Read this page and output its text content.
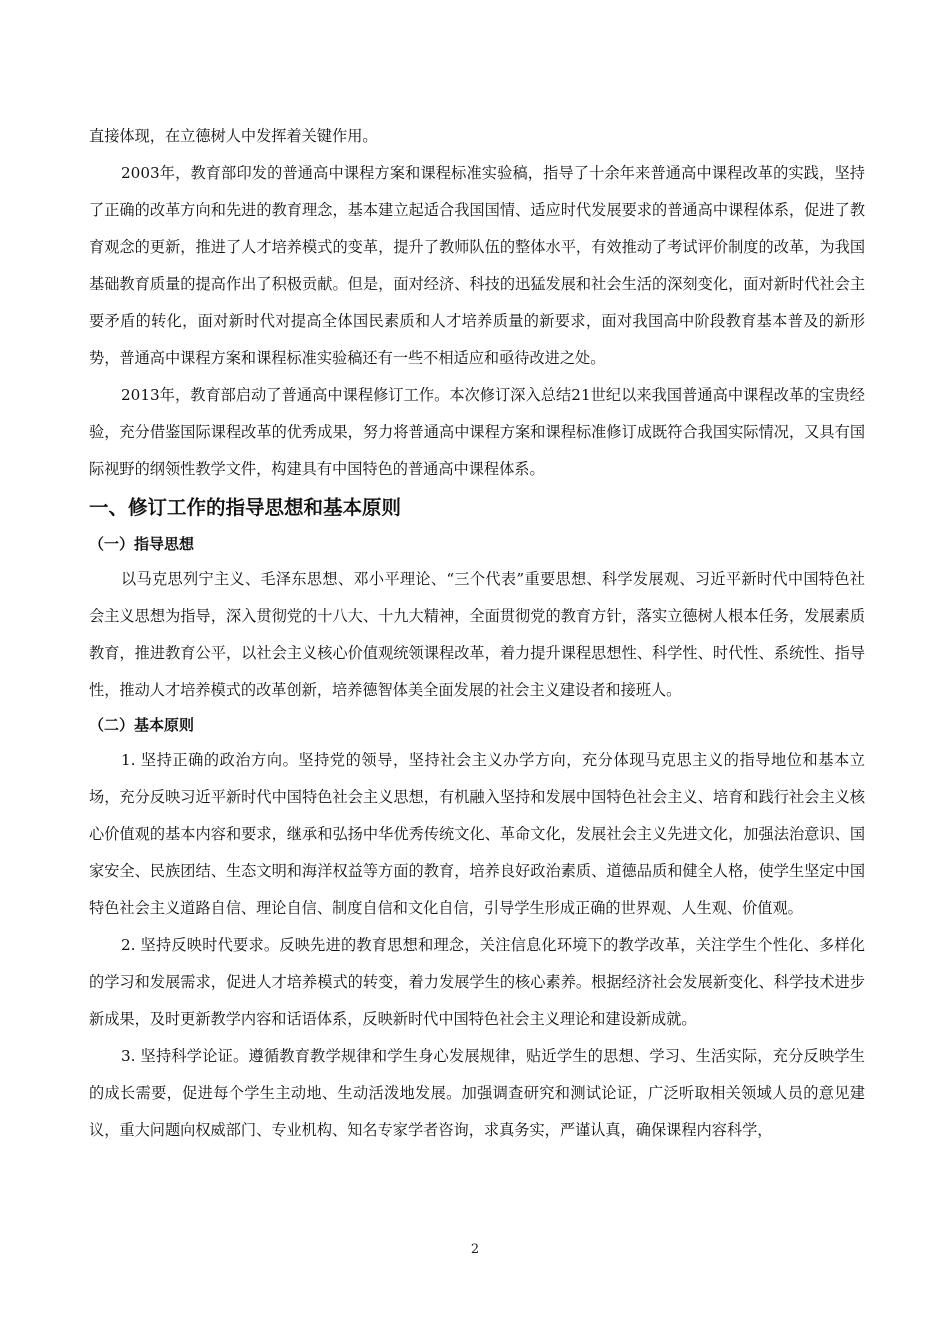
直接体现，在立德树人中发挥着关键作用。

2003年，教育部印发的普通高中课程方案和课程标准实验稿，指导了十余年来普通高中课程改革的实践，坚持了正确的改革方向和先进的教育理念，基本建立起适合我国国情、适应时代发展要求的普通高中课程体系，促进了教育观念的更新，推进了人才培养模式的变革，提升了教师队伍的整体水平，有效推动了考试评价制度的改革，为我国基础教育质量的提高作出了积极贡献。但是，面对经济、科技的迅猛发展和社会生活的深刻变化，面对新时代社会主要矛盾的转化，面对新时代对提高全体国民素质和人才培养质量的新要求，面对我国高中阶段教育基本普及的新形势，普通高中课程方案和课程标准实验稿还有一些不相适应和亟待改进之处。

2013年，教育部启动了普通高中课程修订工作。本次修订深入总结21世纪以来我国普通高中课程改革的宝贵经验，充分借鉴国际课程改革的优秀成果，努力将普通高中课程方案和课程标准修订成既符合我国实际情况，又具有国际视野的纲领性教学文件，构建具有中国特色的普通高中课程体系。

一、修订工作的指导思想和基本原则

（一）指导思想

以马克思列宁主义、毛泽东思想、邓小平理论、“三个代表”重要思想、科学发展观、习近平新时代中国特色社会主义思想为指导，深入贯彻党的十八大、十九大精神，全面贯彻党的教育方针，落实立德树人根本任务，发展素质教育，推进教育公平，以社会主义核心价值观统领课程改革，着力提升课程思想性、科学性、时代性、系统性、指导性，推动人才培养模式的改革创新，培养德智体美全面发展的社会主义建设者和接班人。

（二）基本原则

1. 坚持正确的政治方向。坚持党的领导，坚持社会主义办学方向，充分体现马克思主义的指导地位和基本立场，充分反映习近平新时代中国特色社会主义思想，有机融入坚持和发展中国特色社会主义、培育和践行社会主义核心价值观的基本内容和要求，继承和弘扬中华优秀传统文化、革命文化，发展社会主义先进文化，加强法治意识、国家安全、民族团结、生态文明和海洋权益等方面的教育，培养良好政治素质、道德品质和健全人格，使学生坚定中国特色社会主义道路自信、理论自信、制度自信和文化自信，引导学生形成正确的世界观、人生观、价值观。

2. 坚持反映时代要求。反映先进的教育思想和理念，关注信息化环境下的教学改革，关注学生个性化、多样化的学习和发展需求，促进人才培养模式的转变，着力发展学生的核心素养。根据经济社会发展新变化、科学技术进步新成果，及时更新教学内容和话语体系，反映新时代中国特色社会主义理论和建设新成就。

3. 坚持科学论证。遵循教育教学规律和学生身心发展规律，贴近学生的思想、学习、生活实际，充分反映学生的成长需要，促进每个学生主动地、生动活泼地发展。加强调查研究和测试论证，广泛听取相关领域人员的意见建议，重大问题向权威部门、专业机构、知名专家学者咨询，求真务实，严谨认真，确保课程内容科学，

2
